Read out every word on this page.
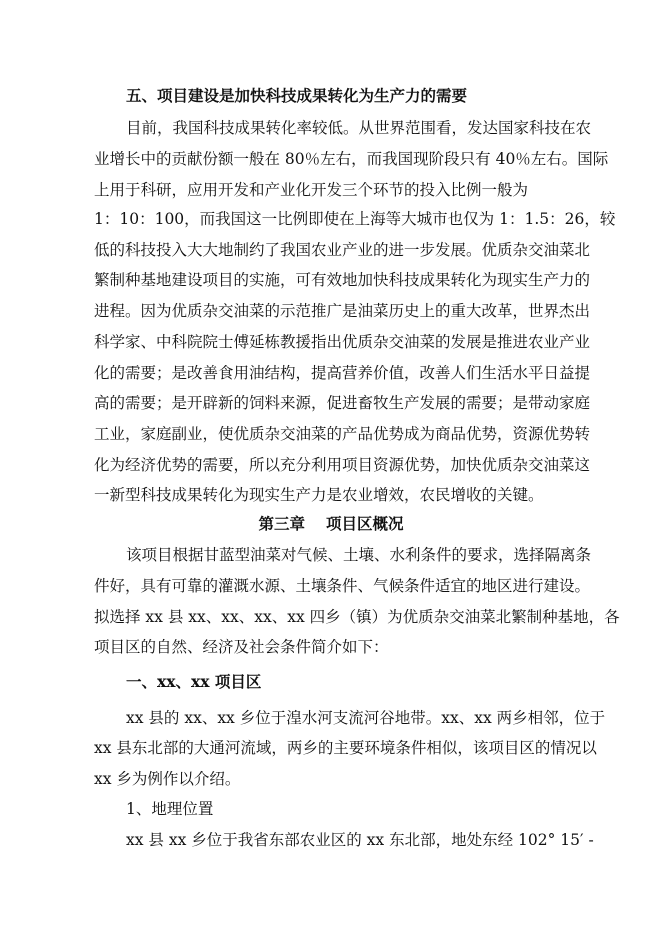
五、项目建设是加快科技成果转化为生产力的需要
目前，我国科技成果转化率较低。从世界范围看，发达国家科技在农
业增长中的贡献份额一般在 80％左右，而我国现阶段只有 40％左右。国际
上用于科研，应用开发和产业化开发三个环节的投入比例一般为
1：10：100，而我国这一比例即使在上海等大城市也仅为 1：1.5：26，较
低的科技投入大大地制约了我国农业产业的进一步发展。优质杂交油菜北
繁制种基地建设项目的实施，可有效地加快科技成果转化为现实生产力的
进程。因为优质杂交油菜的示范推广是油菜历史上的重大改革，世界杰出
科学家、中科院院士傅延栋教援指出优质杂交油菜的发展是推进农业产业
化的需要；是改善食用油结构，提高营养价值，改善人们生活水平日益提
高的需要；是开辟新的饲料来源，促进畜牧生产发展的需要；是带动家庭
工业，家庭副业，使优质杂交油菜的产品优势成为商品优势，资源优势转
化为经济优势的需要，所以充分利用项目资源优势，加快优质杂交油菜这
一新型科技成果转化为现实生产力是农业增效，农民增收的关键。
第三章　 项目区概况
该项目根据甘蓝型油菜对气候、土壤、水利条件的要求，选择隔离条
件好，具有可靠的灌溉水源、土壤条件、气候条件适宜的地区进行建设。
拟选择 xx 县 xx、xx、xx、xx 四乡（镇）为优质杂交油菜北繁制种基地，各
项目区的自然、经济及社会条件简介如下：
一、xx、xx 项目区
xx 县的 xx、xx 乡位于湟水河支流河谷地带。xx、xx 两乡相邻，位于
xx 县东北部的大通河流域，两乡的主要环境条件相似，该项目区的情况以
xx 乡为例作以介绍。
1、地理位置
xx 县 xx 乡位于我省东部农业区的 xx 东北部，地处东经 102° 15′ -
